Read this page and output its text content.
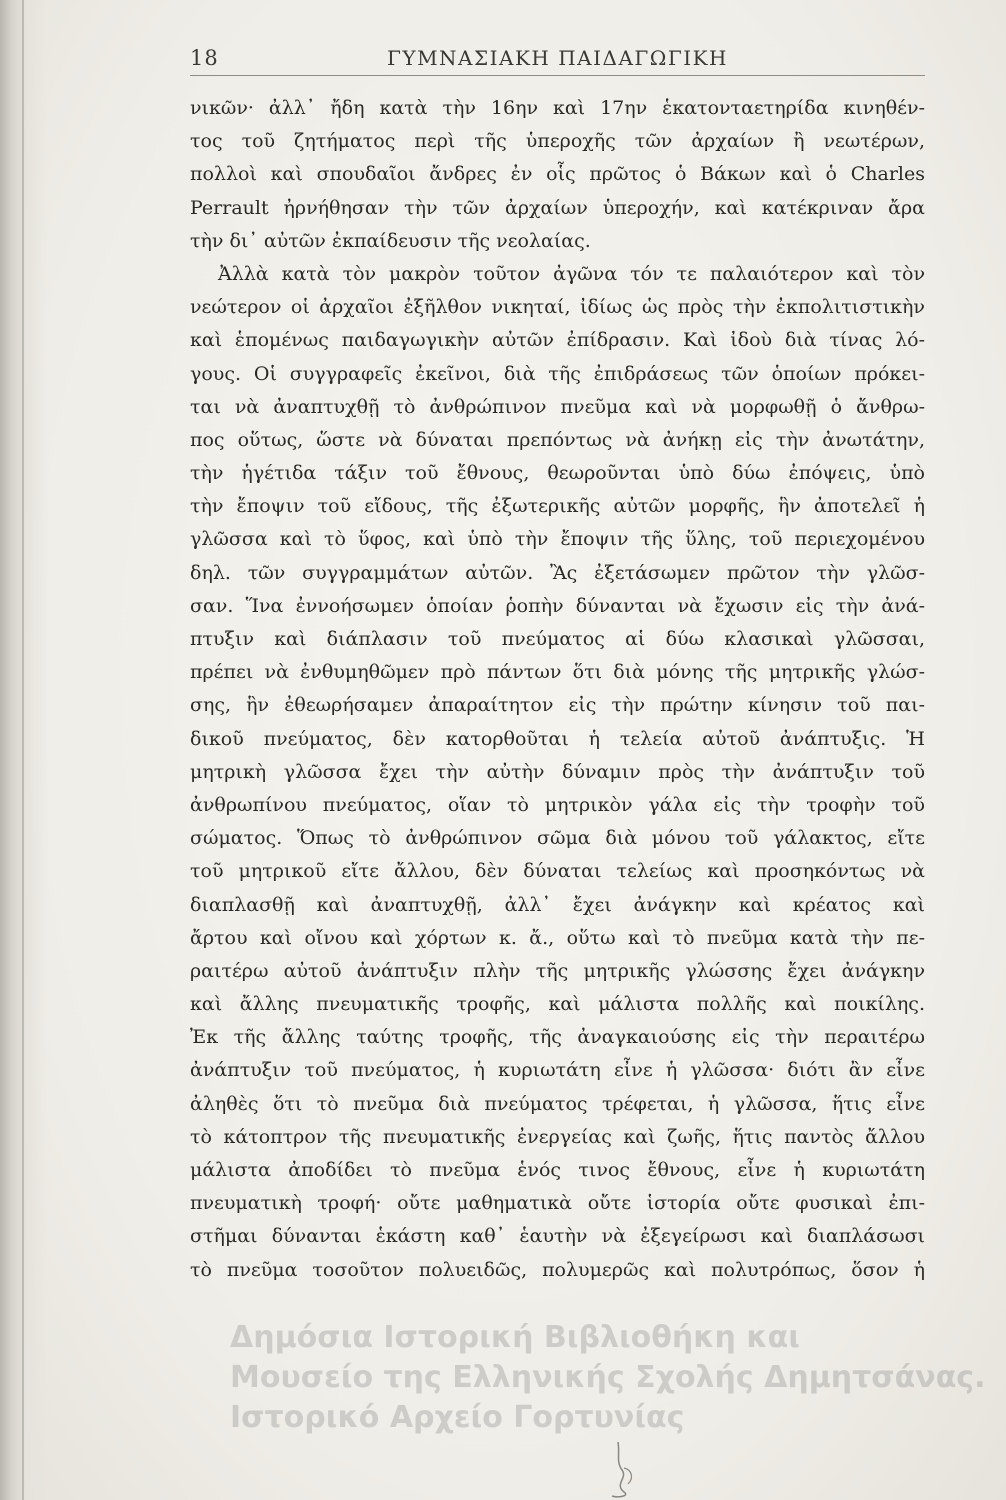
18	ΓΥΜΝΑΣΙΑΚΗ ΠΑΙΔΑΓΩΓΙΚΗ
νικῶν· ἀλλ᾽ ἤδη κατὰ τὴν 16ην καὶ 17ην ἑκατονταετηρίδα κινηθέν-
τος τοῦ ζητήματος περὶ τῆς ὑπεροχῆς τῶν ἀρχαίων ἢ νεωτέρων,
πολλοὶ καὶ σπουδαῖοι ἄνδρες ἐν οἷς πρῶτος ὁ Βάκων καὶ ὁ Charles
Perrault ἠρνήθησαν τὴν τῶν ἀρχαίων ὑπεροχήν, καὶ κατέκριναν ἄρα
τὴν δι᾽ αὐτῶν ἐκπαίδευσιν τῆς νεολαίας.
Ἀλλὰ κατὰ τὸν μακρὸν τοῦτον ἀγῶνα τόν τε παλαιότερον καὶ τὸν
νεώτερον οἱ ἀρχαῖοι ἐξῆλθον νικηταί, ἰδίως ὡς πρὸς τὴν ἐκπολιτιστικὴν
καὶ ἑπομένως παιδαγωγικὴν αὐτῶν ἐπίδρασιν. Καὶ ἰδοὺ διὰ τίνας λό-
γους. Οἱ συγγραφεῖς ἐκεῖνοι, διὰ τῆς ἐπιδράσεως τῶν ὁποίων πρόκει-
ται νὰ ἀναπτυχθῇ τὸ ἀνθρώπινον πνεῦμα καὶ νὰ μορφωθῇ ὁ ἄνθρω-
πος οὕτως, ὥστε νὰ δύναται πρεπόντως νὰ ἀνήκῃ εἰς τὴν ἀνωτάτην,
τὴν ἡγέτιδα τάξιν τοῦ ἔθνους, θεωροῦνται ὑπὸ δύω ἐπόψεις, ὑπὸ
τὴν ἔποψιν τοῦ εἴδους, τῆς ἐξωτερικῆς αὐτῶν μορφῆς, ἣν ἀποτελεῖ ἡ
γλῶσσα καὶ τὸ ὕφος, καὶ ὑπὸ τὴν ἔποψιν τῆς ὕλης, τοῦ περιεχομένου
δηλ. τῶν συγγραμμάτων αὐτῶν. Ἂς ἐξετάσωμεν πρῶτον τὴν γλῶσ-
σαν. Ἵνα ἐννοήσωμεν ὁποίαν ῥοπὴν δύνανται νὰ ἔχωσιν εἰς τὴν ἀνά-
πτυξιν καὶ διάπλασιν τοῦ πνεύματος αἱ δύω κλασικαὶ γλῶσσαι,
πρέπει νὰ ἐνθυμηθῶμεν πρὸ πάντων ὅτι διὰ μόνης τῆς μητρικῆς γλώσ-
σης, ἣν ἐθεωρήσαμεν ἀπαραίτητον εἰς τὴν πρώτην κίνησιν τοῦ παι-
δικοῦ πνεύματος, δὲν κατορθοῦται ἡ τελεία αὐτοῦ ἀνάπτυξις. Ἡ
μητρικὴ γλῶσσα ἔχει τὴν αὐτὴν δύναμιν πρὸς τὴν ἀνάπτυξιν τοῦ
ἀνθρωπίνου πνεύματος, οἵαν τὸ μητρικὸν γάλα εἰς τὴν τροφὴν τοῦ
σώματος. Ὅπως τὸ ἀνθρώπινον σῶμα διὰ μόνου τοῦ γάλακτος, εἴτε
τοῦ μητρικοῦ εἴτε ἄλλου, δὲν δύναται τελείως καὶ προσηκόντως νὰ
διαπλασθῇ καὶ ἀναπτυχθῇ, ἀλλ᾽ ἔχει ἀνάγκην καὶ κρέατος καὶ
ἄρτου καὶ οἴνου καὶ χόρτων κ. ἄ., οὕτω καὶ τὸ πνεῦμα κατὰ τὴν πε-
ραιτέρω αὐτοῦ ἀνάπτυξιν πλὴν τῆς μητρικῆς γλώσσης ἔχει ἀνάγκην
καὶ ἄλλης πνευματικῆς τροφῆς, καὶ μάλιστα πολλῆς καὶ ποικίλης.
Ἐκ τῆς ἄλλης ταύτης τροφῆς, τῆς ἀναγκαιούσης εἰς τὴν περαιτέρω
ἀνάπτυξιν τοῦ πνεύματος, ἡ κυριωτάτη εἶνε ἡ γλῶσσα· διότι ἂν εἶνε
ἀληθὲς ὅτι τὸ πνεῦμα διὰ πνεύματος τρέφεται, ἡ γλῶσσα, ἥτις εἶνε
τὸ κάτοπτρον τῆς πνευματικῆς ἐνεργείας καὶ ζωῆς, ἥτις παντὸς ἄλλου
μάλιστα ἀποδίδει τὸ πνεῦμα ἑνός τινος ἔθνους, εἶνε ἡ κυριωτάτη
πνευματικὴ τροφή· οὔτε μαθηματικὰ οὔτε ἱστορία οὔτε φυσικαὶ ἐπι-
στῆμαι δύνανται ἑκάστη καθ᾽ ἑαυτὴν νὰ ἐξεγείρωσι καὶ διαπλάσωσι
τὸ πνεῦμα τοσοῦτον πολυειδῶς, πολυμερῶς καὶ πολυτρόπως, ὅσον ἡ
Δημόσια Ιστορική Βιβλιοθήκη και
Μουσείο της Ελληνικής Σχολής Δημητσάνας.
Ιστορικό Αρχείο Γορτυνίας
